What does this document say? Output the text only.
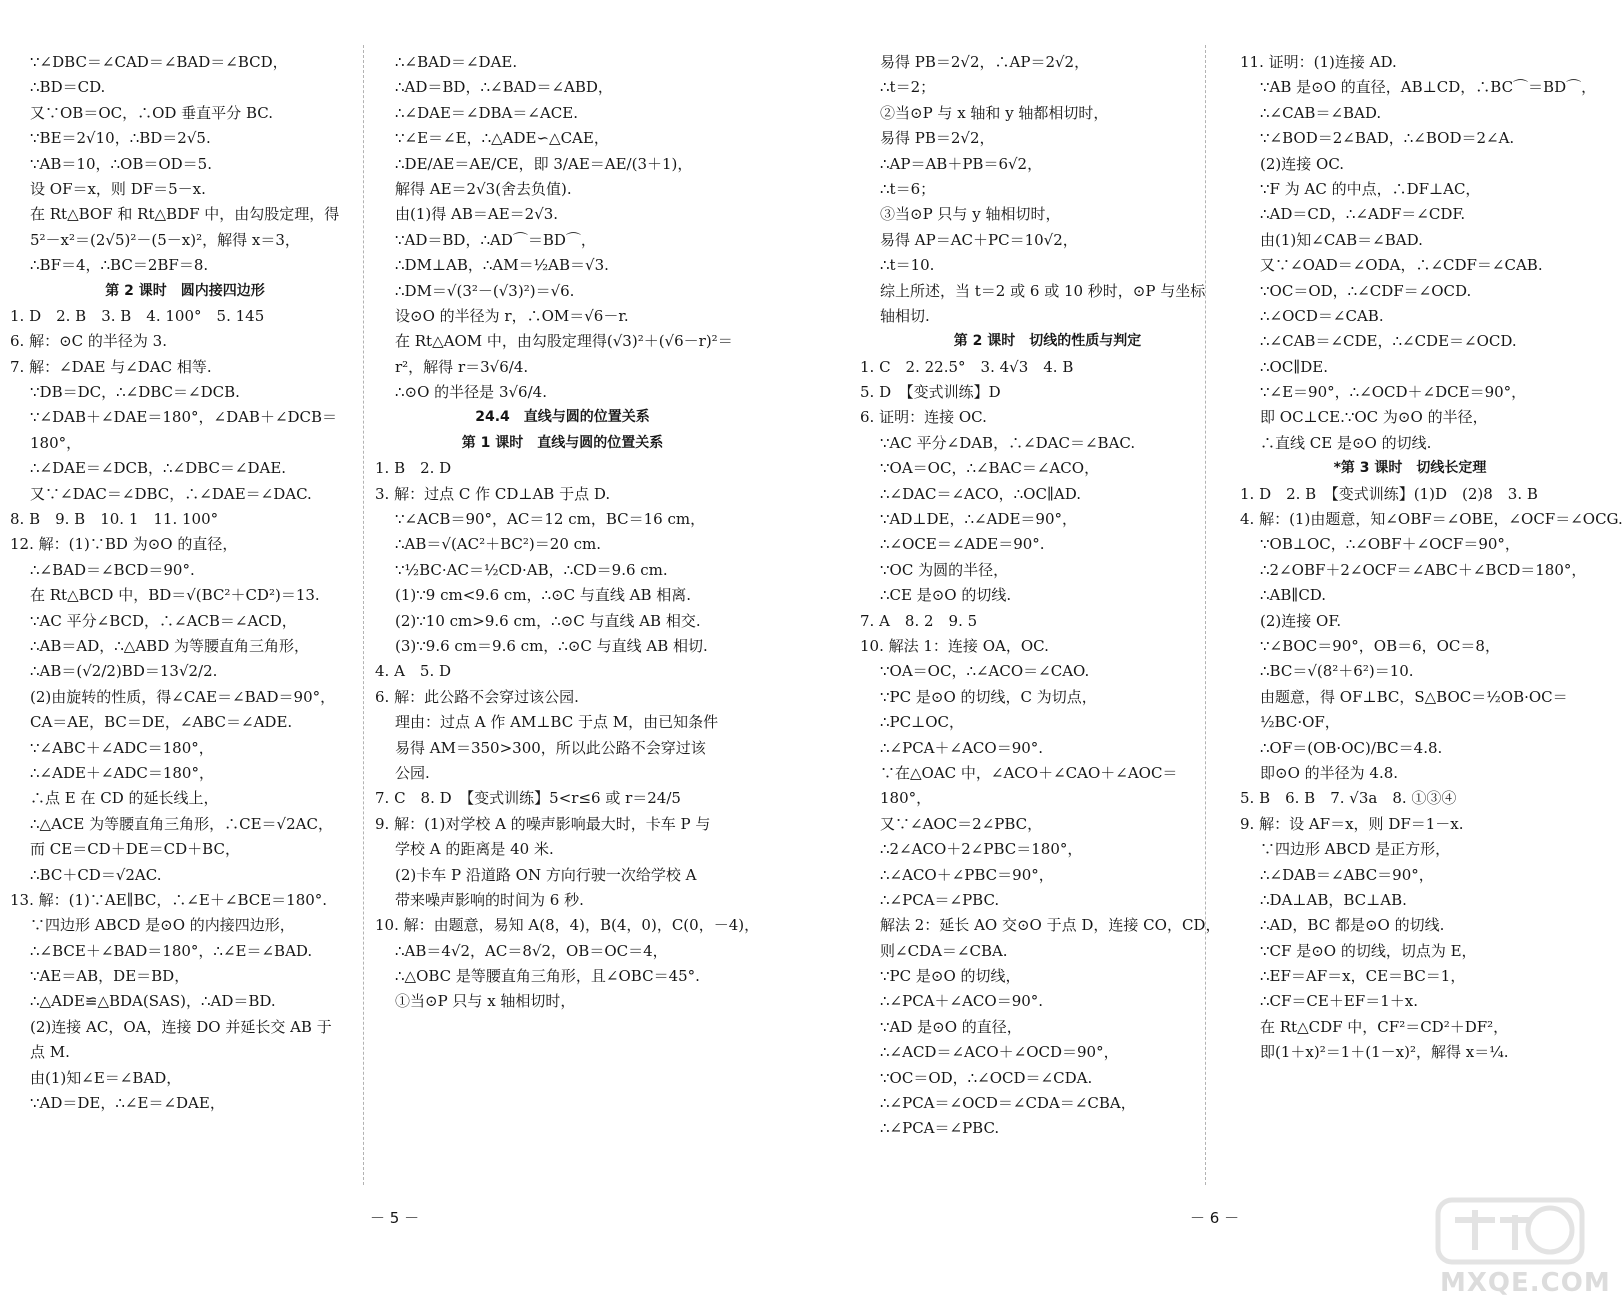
∵∠DBC＝∠CAD＝∠BAD＝∠BCD，
∴BD＝CD.
又∵OB＝OC，∴OD 垂直平分 BC.
∵BE＝2√10，∴BD＝2√5.
∵AB＝10，∴OB＝OD＝5.
设 OF＝x，则 DF＝5－x.
在 Rt△BOF 和 Rt△BDF 中，由勾股定理，得
5²－x²＝(2√5)²－(5－x)²，解得 x＝3，
∴BF＝4，∴BC＝2BF＝8.
第 2 课时　圆内接四边形
1. D　2. B　3. B　4. 100°　5. 145
6. 解：⊙C 的半径为 3.
7. 解：∠DAE 与∠DAC 相等.
∵DB＝DC，∴∠DBC＝∠DCB.
∵∠DAB＋∠DAE＝180°，∠DAB＋∠DCB＝
180°，
∴∠DAE＝∠DCB，∴∠DBC＝∠DAE.
又∵∠DAC＝∠DBC，∴∠DAE＝∠DAC.
8. B　9. B　10. 1　11. 100°
12. 解：(1)∵BD 为⊙O 的直径，
∴∠BAD＝∠BCD＝90°.
在 Rt△BCD 中，BD＝√(BC²＋CD²)＝13.
∵AC 平分∠BCD，∴∠ACB＝∠ACD，
∴AB＝AD，∴△ABD 为等腰直角三角形，
∴AB＝(√2/2)BD＝13√2/2.
(2)由旋转的性质，得∠CAE＝∠BAD＝90°，
CA＝AE，BC＝DE，∠ABC＝∠ADE.
∵∠ABC＋∠ADC＝180°，
∴∠ADE＋∠ADC＝180°，
∴点 E 在 CD 的延长线上，
∴△ACE 为等腰直角三角形，∴CE＝√2AC，
而 CE＝CD＋DE＝CD＋BC，
∴BC＋CD＝√2AC.
13. 解：(1)∵AE∥BC，∴∠E＋∠BCE＝180°.
∵四边形 ABCD 是⊙O 的内接四边形，
∴∠BCE＋∠BAD＝180°，∴∠E＝∠BAD.
∵AE＝AB，DE＝BD，
∴△ADE≌△BDA(SAS)，∴AD＝BD.
(2)连接 AC，OA，连接 DO 并延长交 AB 于
点 M.
由(1)知∠E＝∠BAD，
∵AD＝DE，∴∠E＝∠DAE，
∴∠BAD＝∠DAE.
∴AD＝BD，∴∠BAD＝∠ABD，
∴∠DAE＝∠DBA＝∠ACE.
∵∠E＝∠E，∴△ADE∽△CAE，
∴DE/AE＝AE/CE，即 3/AE＝AE/(3＋1)，
解得 AE＝2√3(舍去负值).
由(1)得 AB＝AE＝2√3.
∵AD＝BD，∴AD⌒＝BD⌒，
∴DM⊥AB，∴AM＝½AB＝√3.
∴DM＝√(3²－(√3)²)＝√6.
设⊙O 的半径为 r，∴OM＝√6－r.
在 Rt△AOM 中，由勾股定理得(√3)²＋(√6－r)²＝
r²，解得 r＝3√6/4.
∴⊙O 的半径是 3√6/4.
24.4　直线与圆的位置关系
第 1 课时　直线与圆的位置关系
1. B　2. D
3. 解：过点 C 作 CD⊥AB 于点 D.
∵∠ACB＝90°，AC＝12 cm，BC＝16 cm，
∴AB＝√(AC²＋BC²)＝20 cm.
∵½BC·AC＝½CD·AB，∴CD＝9.6 cm.
(1)∵9 cm<9.6 cm，∴⊙C 与直线 AB 相离.
(2)∵10 cm>9.6 cm，∴⊙C 与直线 AB 相交.
(3)∵9.6 cm＝9.6 cm，∴⊙C 与直线 AB 相切.
4. A　5. D
6. 解：此公路不会穿过该公园.
理由：过点 A 作 AM⊥BC 于点 M，由已知条件
易得 AM＝350>300，所以此公路不会穿过该
公园.
7. C　8. D　【变式训练】5<r≤6 或 r＝24/5
9. 解：(1)对学校 A 的噪声影响最大时，卡车 P 与
学校 A 的距离是 40 米.
(2)卡车 P 沿道路 ON 方向行驶一次给学校 A
带来噪声影响的时间为 6 秒.
10. 解：由题意，易知 A(8，4)，B(4，0)，C(0，－4)，
∴AB＝4√2，AC＝8√2，OB＝OC＝4，
∴△OBC 是等腰直角三角形，且∠OBC＝45°.
①当⊙P 只与 x 轴相切时，
易得 PB＝2√2，∴AP＝2√2，
∴t＝2；
②当⊙P 与 x 轴和 y 轴都相切时，
易得 PB＝2√2，
∴AP＝AB＋PB＝6√2，
∴t＝6；
③当⊙P 只与 y 轴相切时，
易得 AP＝AC＋PC＝10√2，
∴t＝10.
综上所述，当 t＝2 或 6 或 10 秒时，⊙P 与坐标
轴相切.
第 2 课时　切线的性质与判定
1. C　2. 22.5°　3. 4√3　4. B
5. D　【变式训练】D
6. 证明：连接 OC.
∵AC 平分∠DAB，∴∠DAC＝∠BAC.
∵OA＝OC，∴∠BAC＝∠ACO，
∴∠DAC＝∠ACO，∴OC∥AD.
∵AD⊥DE，∴∠ADE＝90°，
∴∠OCE＝∠ADE＝90°.
∵OC 为圆的半径，
∴CE 是⊙O 的切线.
7. A　8. 2　9. 5
10. 解法 1：连接 OA，OC.
∵OA＝OC，∴∠ACO＝∠CAO.
∵PC 是⊙O 的切线，C 为切点，
∴PC⊥OC，
∴∠PCA＋∠ACO＝90°.
∵在△OAC 中，∠ACO＋∠CAO＋∠AOC＝
180°，
又∵∠AOC＝2∠PBC，
∴2∠ACO＋2∠PBC＝180°，
∴∠ACO＋∠PBC＝90°，
∴∠PCA＝∠PBC.
解法 2：延长 AO 交⊙O 于点 D，连接 CO，CD，
则∠CDA＝∠CBA.
∵PC 是⊙O 的切线，
∴∠PCA＋∠ACO＝90°.
∵AD 是⊙O 的直径，
∴∠ACD＝∠ACO＋∠OCD＝90°，
∵OC＝OD，∴∠OCD＝∠CDA.
∴∠PCA＝∠OCD＝∠CDA＝∠CBA，
∴∠PCA＝∠PBC.
11. 证明：(1)连接 AD.
∵AB 是⊙O 的直径，AB⊥CD，∴BC⌒＝BD⌒，
∴∠CAB＝∠BAD.
∵∠BOD＝2∠BAD，∴∠BOD＝2∠A.
(2)连接 OC.
∵F 为 AC 的中点，∴DF⊥AC，
∴AD＝CD，∴∠ADF＝∠CDF.
由(1)知∠CAB＝∠BAD.
又∵∠OAD＝∠ODA，∴∠CDF＝∠CAB.
∵OC＝OD，∴∠CDF＝∠OCD.
∴∠OCD＝∠CAB.
∴∠CAB＝∠CDE，∴∠CDE＝∠OCD.
∴OC∥DE.
∵∠E＝90°，∴∠OCD＋∠DCE＝90°，
即 OC⊥CE.∵OC 为⊙O 的半径，
∴直线 CE 是⊙O 的切线.
*第 3 课时　切线长定理
1. D　2. B　【变式训练】(1)D　(2)8　3. B
4. 解：(1)由题意，知∠OBF＝∠OBE，∠OCF＝∠OCG.
∵OB⊥OC，∴∠OBF＋∠OCF＝90°，
∴2∠OBF＋2∠OCF＝∠ABC＋∠BCD＝180°，
∴AB∥CD.
(2)连接 OF.
∵∠BOC＝90°，OB＝6，OC＝8，
∴BC＝√(8²＋6²)＝10.
由题意，得 OF⊥BC，S△BOC＝½OB·OC＝
½BC·OF，
∴OF＝(OB·OC)/BC＝4.8.
即⊙O 的半径为 4.8.
5. B　6. B　7. √3a　8. ①③④
9. 解：设 AF＝x，则 DF＝1－x.
∵四边形 ABCD 是正方形，
∴∠DAB＝∠ABC＝90°，
∴DA⊥AB，BC⊥AB.
∴AD，BC 都是⊙O 的切线.
∵CF 是⊙O 的切线，切点为 E，
∴EF＝AF＝x，CE＝BC＝1，
∴CF＝CE＋EF＝1＋x.
在 Rt△CDF 中，CF²＝CD²＋DF²，
即(1＋x)²＝1＋(1－x)²，解得 x＝¼.
－ 5 －	－ 6 －
MXQE.COM
